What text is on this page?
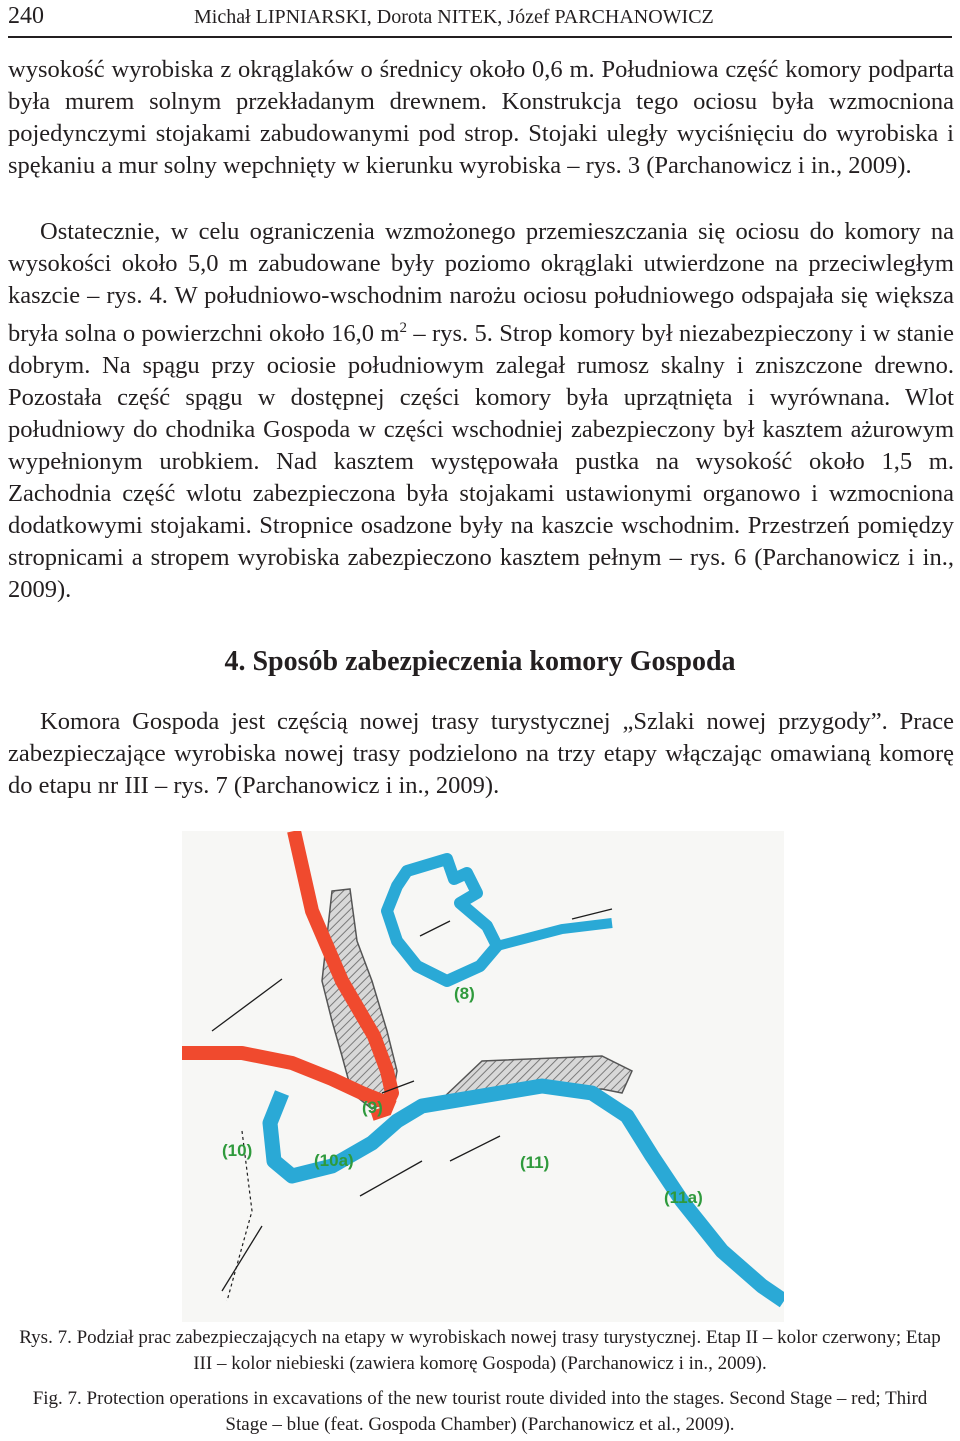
240	Michał LIPNIARSKI, Dorota NITEK, Józef PARCHANOWICZ

wysokość wyrobiska z okrąglaków o średnicy około 0,6 m. Południowa część komory podparta była murem solnym przekładanym drewnem. Konstrukcja tego ociosu była wzmocniona pojedynczymi stojakami zabudowanymi pod strop. Stojaki uległy wyciśnięciu do wyrobiska i spękaniu a mur solny wepchnięty w kierunku wyrobiska – rys. 3 (Parchanowicz i in., 2009).

Ostatecznie, w celu ograniczenia wzmożonego przemieszczania się ociosu do komory na wysokości około 5,0 m zabudowane były poziomo okrąglaki utwierdzone na przeciwległym kaszcie – rys. 4. W południowo-wschodnim narożu ociosu południowego odspajała się większa bryła solna o powierzchni około 16,0 $m^2$ – rys. 5. Strop komory był niezabezpieczony i w stanie dobrym. Na spągu przy ociosie południowym zalegał rumosz skalny i zniszczone drewno. Pozostała część spągu w dostępnej części komory była uprzątnięta i wyrównana. Wlot południowy do chodnika Gospoda w części wschodniej zabezpieczony był kasztem ażurowym wypełnionym urobkiem. Nad kasztem występowała pustka na wysokość około 1,5 m. Zachodnia część wlotu zabezpieczona była stojakami ustawionymi organowo i wzmocniona dodatkowymi stojakami. Stropnice osadzone były na kaszcie wschodnim. Przestrzeń pomiędzy stropnicami a stropem wyrobiska zabezpieczono kasztem pełnym – rys. 6 (Parchanowicz i in., 2009).

4. Sposób zabezpieczenia komory Gospoda

Komora Gospoda jest częścią nowej trasy turystycznej „Szlaki nowej przygody”. Prace zabezpieczające wyrobiska nowej trasy podzielono na trzy etapy włączając omawianą komorę do etapu nr III – rys. 7 (Parchanowicz i in., 2009).

(8)
(9)
(10)
(10a)	(11)
(11a)
Rys. 7. Podział prac zabezpieczających na etapy w wyrobiskach nowej trasy turystycznej. Etap II – kolor czerwony; Etap III – kolor niebieski (zawiera komorę Gospoda) (Parchanowicz i in., 2009).
Fig. 7. Protection operations in excavations of the new tourist route divided into the stages. Second Stage – red; Third Stage – blue (feat. Gospoda Chamber) (Parchanowicz et al., 2009).
